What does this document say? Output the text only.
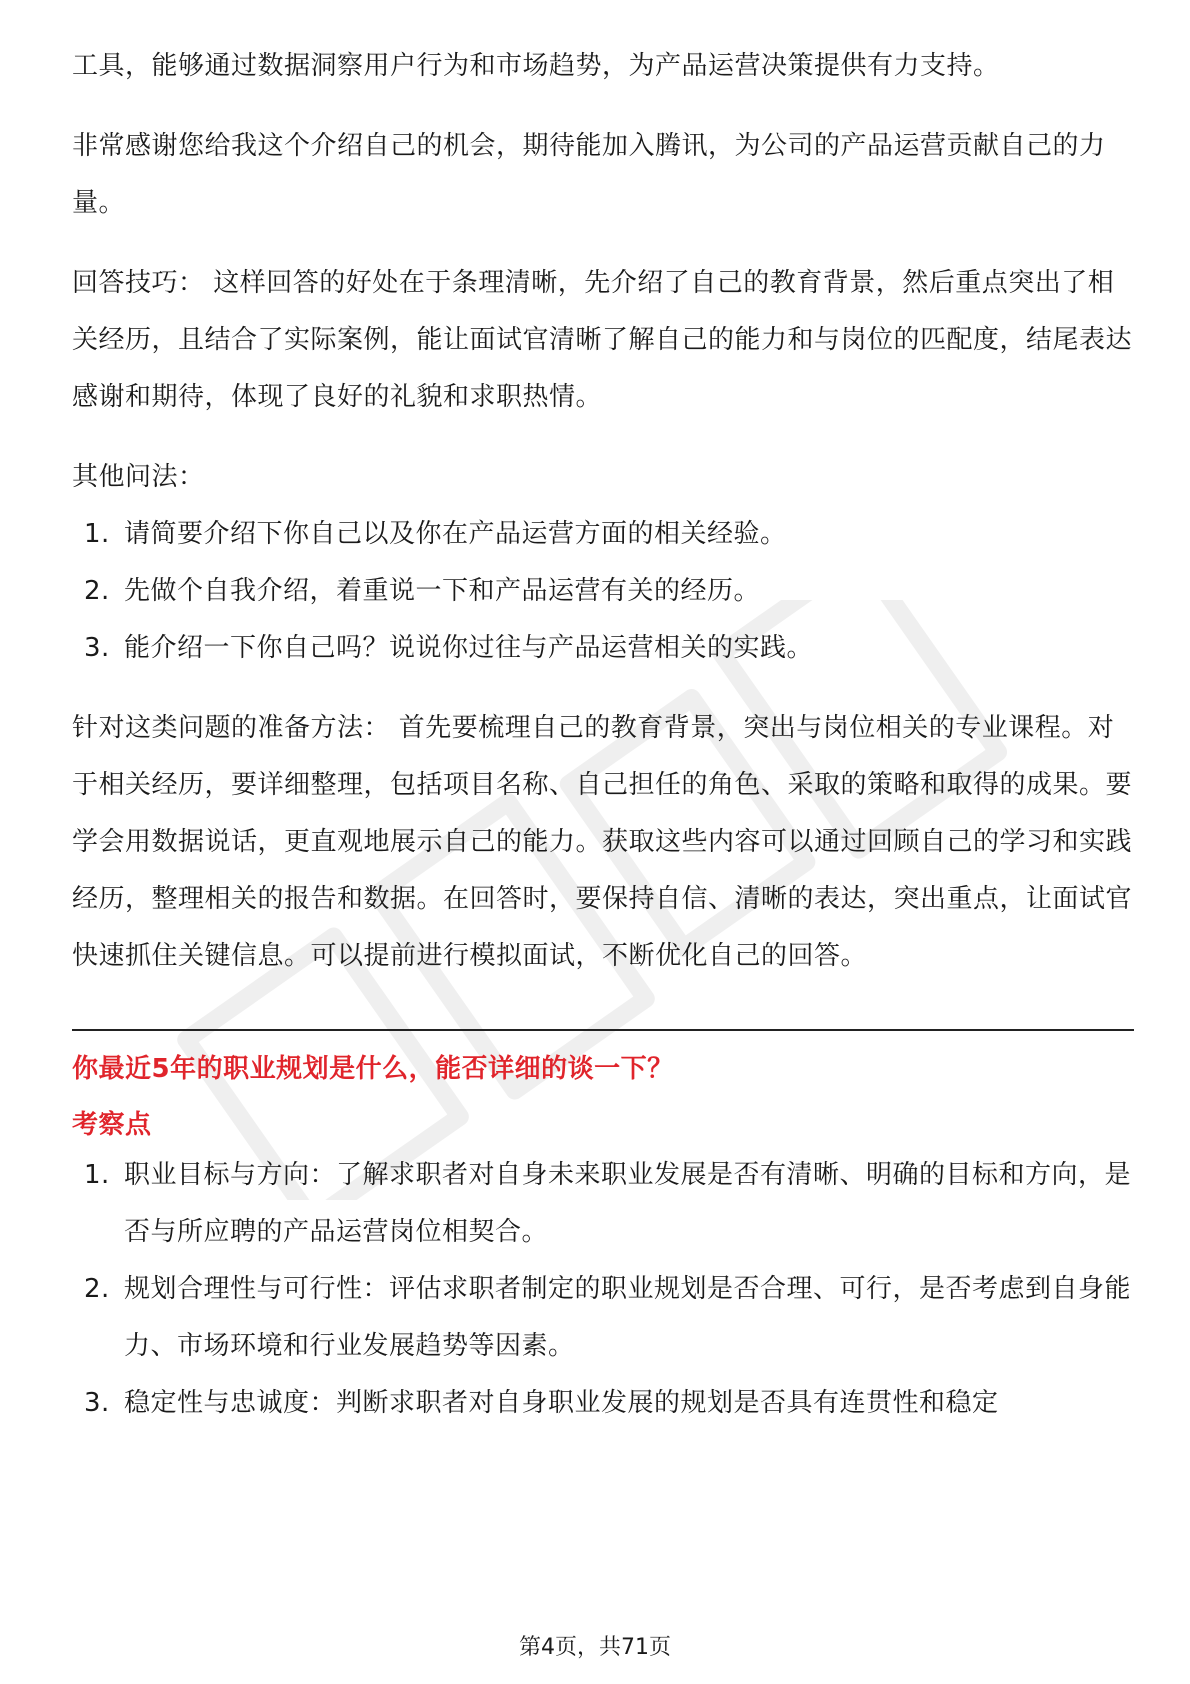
工具，能够通过数据洞察用户行为和市场趋势，为产品运营决策提供有力支持。

非常感谢您给我这个介绍自己的机会，期待能加入腾讯，为公司的产品运营贡献自己的力量。

回答技巧： 这样回答的好处在于条理清晰，先介绍了自己的教育背景，然后重点突出了相关经历，且结合了实际案例，能让面试官清晰了解自己的能力和与岗位的匹配度，结尾表达感谢和期待，体现了良好的礼貌和求职热情。

其他问法：

1. 请简要介绍下你自己以及你在产品运营方面的相关经验。
2. 先做个自我介绍，着重说一下和产品运营有关的经历。
3. 能介绍一下你自己吗？说说你过往与产品运营相关的实践。

针对这类问题的准备方法： 首先要梳理自己的教育背景，突出与岗位相关的专业课程。对于相关经历，要详细整理，包括项目名称、自己担任的角色、采取的策略和取得的成果。要学会用数据说话，更直观地展示自己的能力。获取这些内容可以通过回顾自己的学习和实践经历，整理相关的报告和数据。在回答时，要保持自信、清晰的表达，突出重点，让面试官快速抓住关键信息。可以提前进行模拟面试，不断优化自己的回答。

你最近5年的职业规划是什么，能否详细的谈一下？
考察点
1. 职业目标与方向：了解求职者对自身未来职业发展是否有清晰、明确的目标和方向，是否与所应聘的产品运营岗位相契合。
2. 规划合理性与可行性：评估求职者制定的职业规划是否合理、可行，是否考虑到自身能力、市场环境和行业发展趋势等因素。
3. 稳定性与忠诚度：判断求职者对自身职业发展的规划是否具有连贯性和稳定
第4页，共71页
